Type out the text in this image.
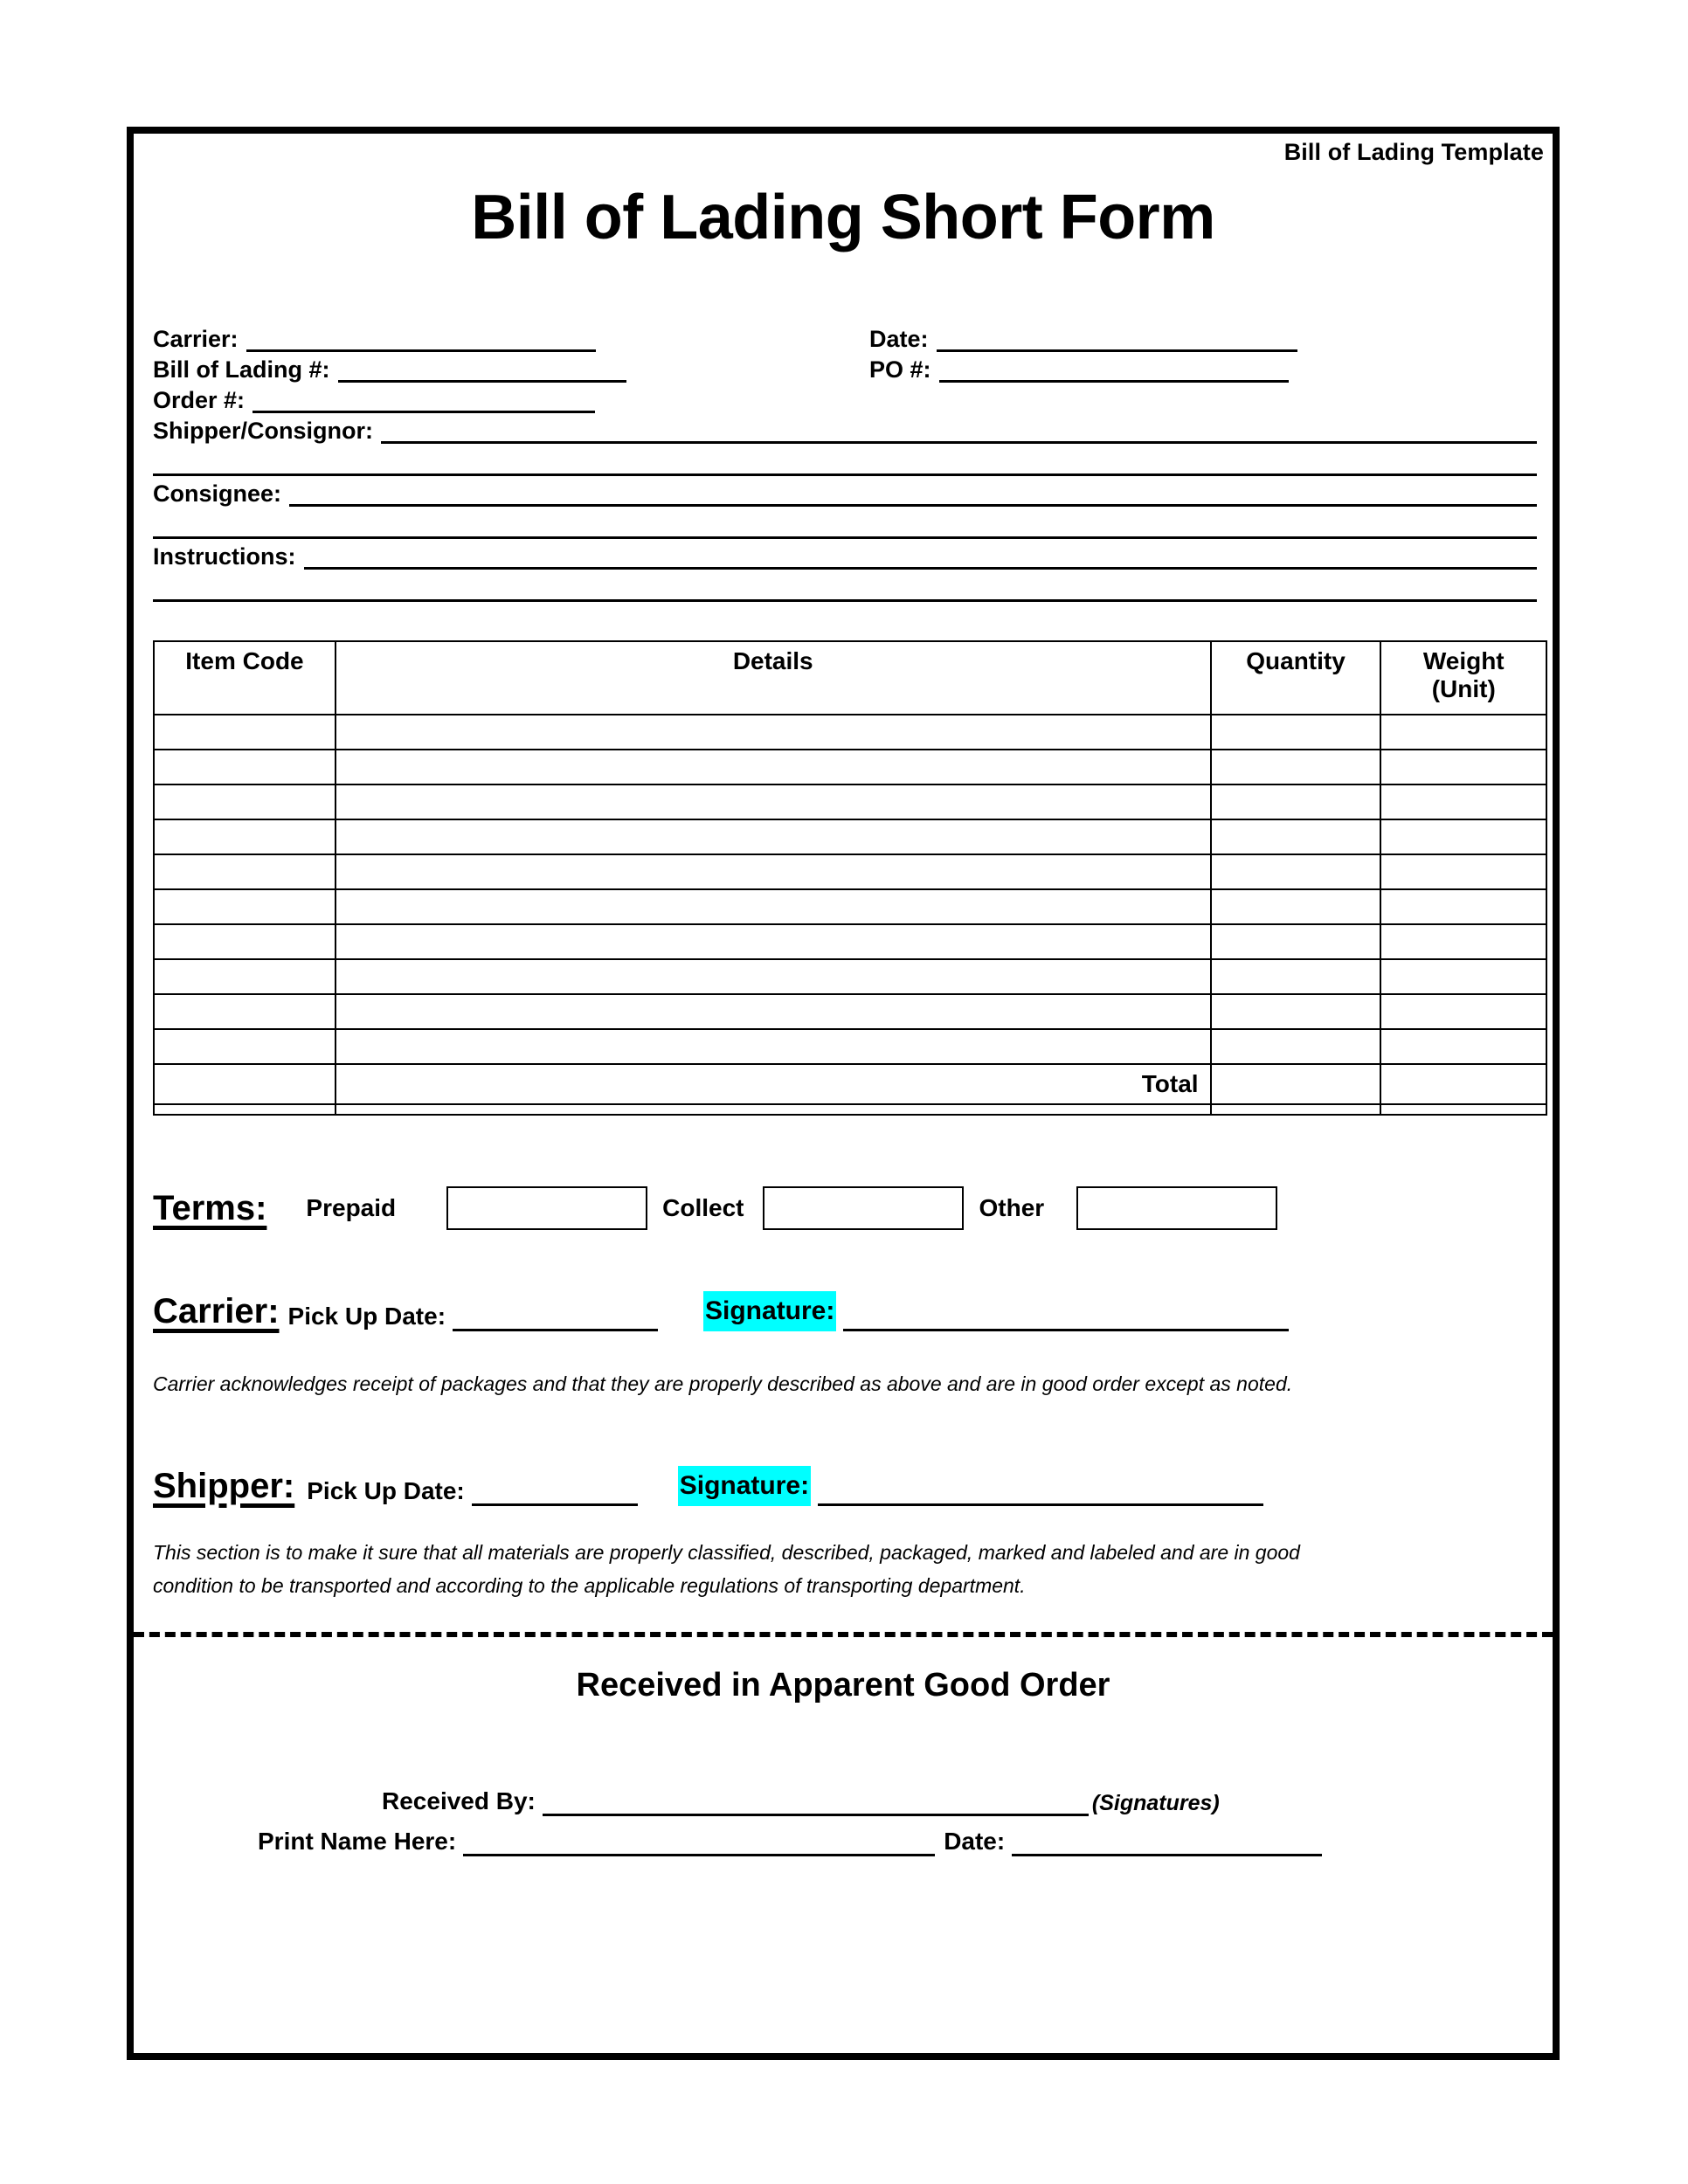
Bill of Lading Template
Bill of Lading Short Form
Carrier:	Date:
Bill of Lading #:	PO #:
Order #:
Shipper/Consignor:
Consignee:
Instructions:
Item Code	Details	Quantity	Weight
(Unit)

	Total		

Terms: Prepaid	Collect	Other
Carrier: Pick Up Date:	Signature:
Carrier acknowledges receipt of packages and that they are properly described as above and are in good order except as noted.
Shipper: Pick Up Date:	Signature:
This section is to make it sure that all materials are properly classified, described, packaged, marked and labeled and are in good
condition to be transported and according to the applicable regulations of transporting department.
Received in Apparent Good Order
Received By:	(Signatures)
Print Name Here:	Date:
